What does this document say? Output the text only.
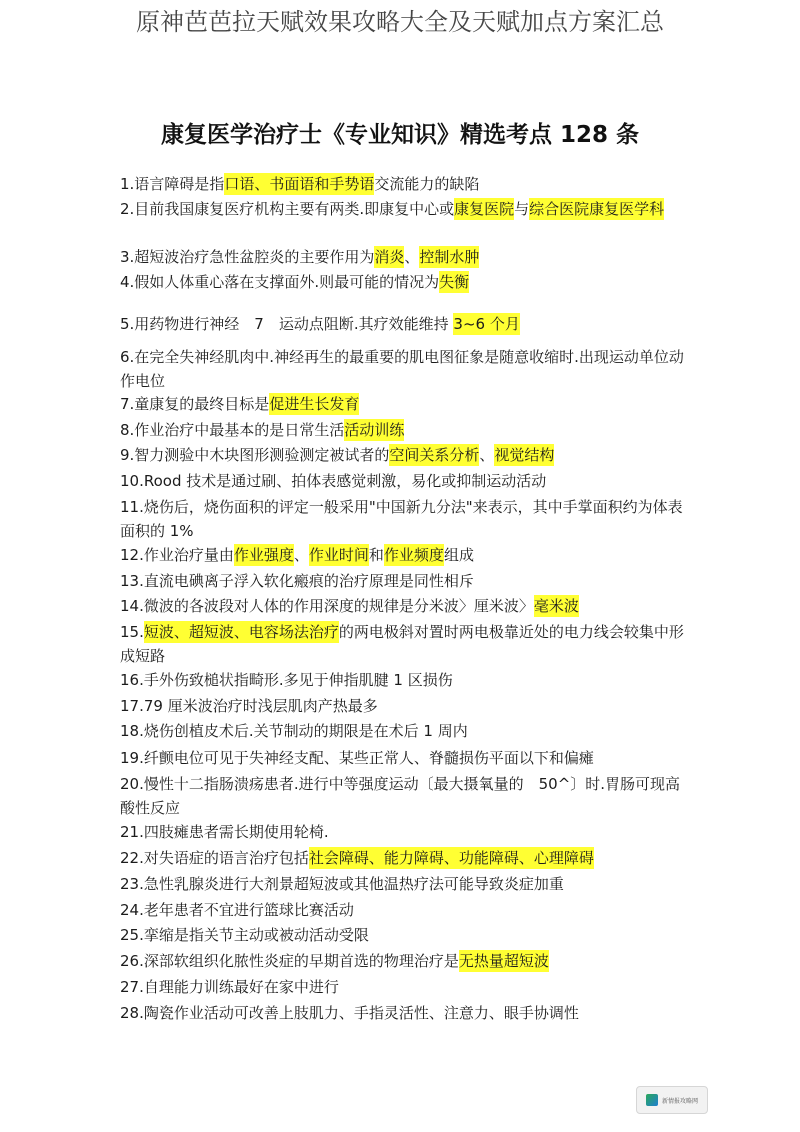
原神芭芭拉天赋效果攻略大全及天赋加点方案汇总
康复医学治疗士《专业知识》精选考点 128 条
1.语言障碍是指口语、书面语和手势语交流能力的缺陷
2.目前我国康复医疗机构主要有两类.即康复中心或康复医院与综合医院康复医学科
3.超短波治疗急性盆腔炎的主要作用为消炎、控制水肿
4.假如人体重心落在支撑面外.则最可能的情况为失衡
5.用药物进行神经　7　运动点阻断.其疗效能维持 3~6 个月
6.在完全失神经肌肉中.神经再生的最重要的肌电图征象是随意收缩时.出现运动单位动作电位
7.童康复的最终目标是促进生长发育
8.作业治疗中最基本的是日常生活活动训练
9.智力测验中木块图形测验测定被试者的空间关系分析、视觉结构
10.Rood 技术是通过刷、拍体表感觉刺激，易化或抑制运动活动
11.烧伤后，烧伤面积的评定一般采用"中国新九分法"来表示，其中手掌面积约为体表面积的 1%
12.作业治疗量由作业强度、作业时间和作业频度组成
13.直流电碘离子浮入软化瘢痕的治疗原理是同性相斥
14.微波的各波段对人体的作用深度的规律是分米波〉厘米波〉毫米波
15.短波、超短波、电容场法治疗的两电极斜对置时两电极靠近处的电力线会较集中形成短路
16.手外伤致槌状指畸形.多见于伸指肌腱 1 区损伤
17.79 厘米波治疗时浅层肌肉产热最多
18.烧伤创植皮术后.关节制动的期限是在术后 1 周内
19.纤颤电位可见于失神经支配、某些正常人、脊髓损伤平面以下和偏瘫
20.慢性十二指肠溃疡患者.进行中等强度运动〔最大摄氧量的　50^〕时.胃肠可现高酸性反应
21.四肢瘫患者需长期使用轮椅.
22.对失语症的语言治疗包括社会障碍、能力障碍、功能障碍、心理障碍
23.急性乳腺炎进行大剂景超短波或其他温热疗法可能导致炎症加重
24.老年患者不宜进行篮球比赛活动
25.挛缩是指关节主动或被动活动受限
26.深部软组织化脓性炎症的早期首选的物理治疗是无热量超短波
27.自理能力训练最好在家中进行
28.陶瓷作业活动可改善上肢肌力、手指灵活性、注意力、眼手协调性
新情报攻略网
